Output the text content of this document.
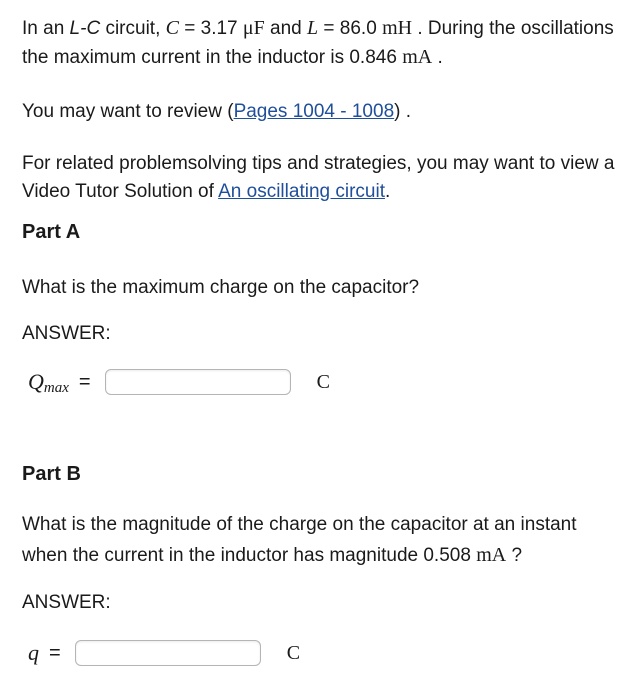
In an L-C circuit, C = 3.17 μF and L = 86.0 mH . During the oscillations the maximum current in the inductor is 0.846 mA .

You may want to review (Pages 1004 - 1008) .

For related problemsolving tips and strategies, you may want to view a Video Tutor Solution of An oscillating circuit.

Part A

What is the maximum charge on the capacitor?

ANSWER:

Q max =	C
Part B

What is the magnitude of the charge on the capacitor at an instant when the current in the inductor has magnitude 0.508 mA ?

ANSWER:

q =	C
